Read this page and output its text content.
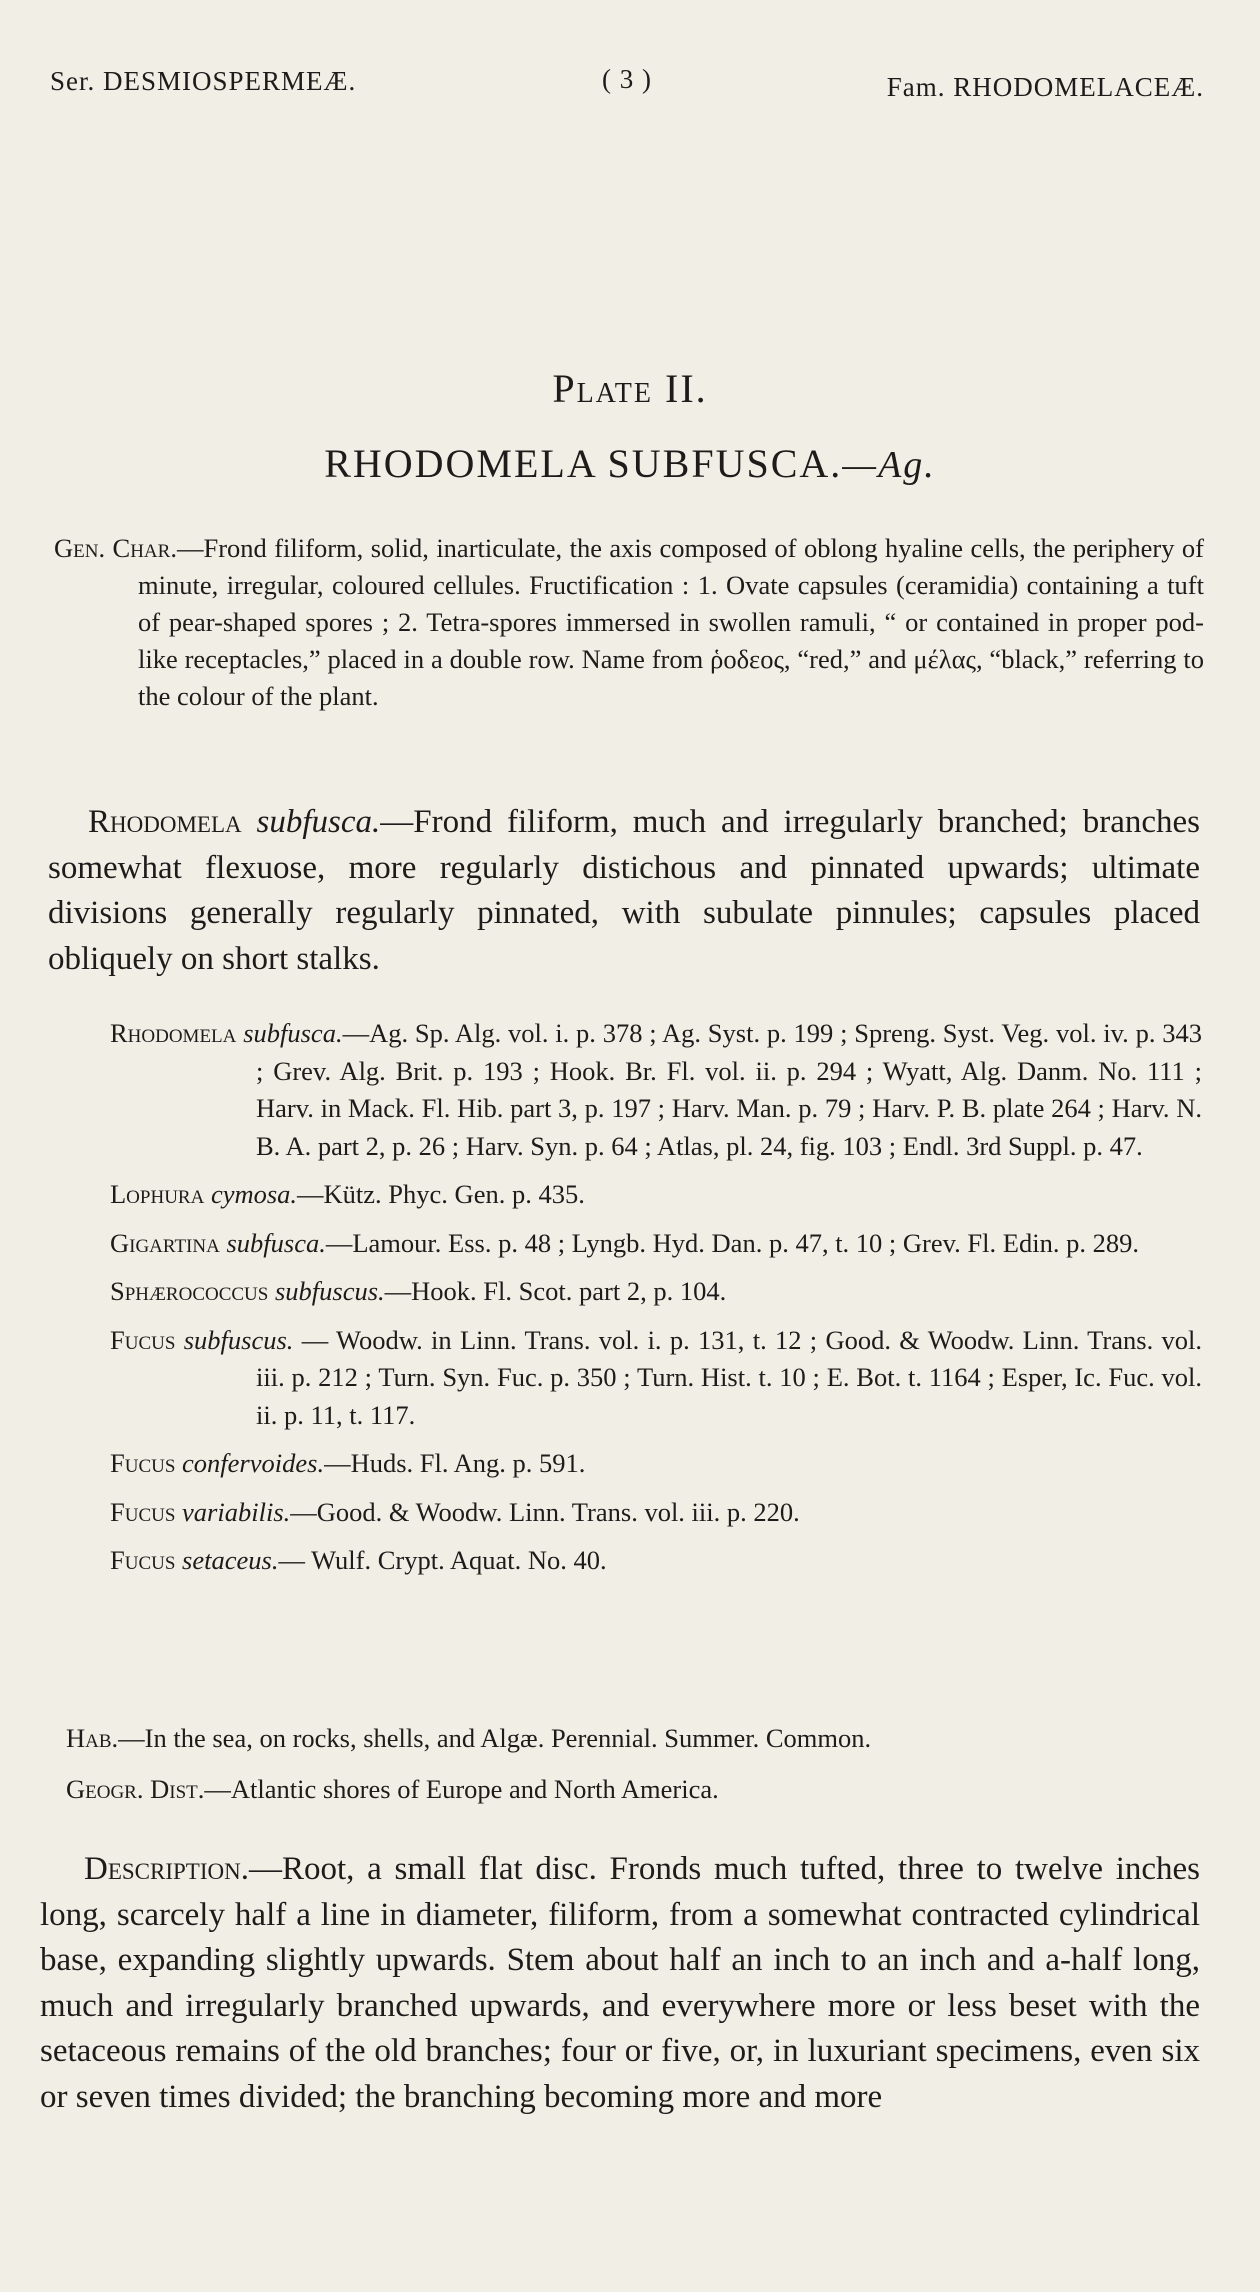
Ser. DESMIOSPERMEÆ.	( 3 )	Fam. RHODOMELACEÆ.
Plate II.
RHODOMELA SUBFUSCA.—Ag.
Gen. Char.—Frond filiform, solid, inarticulate, the axis composed of oblong hyaline cells, the periphery of minute, irregular, coloured cellules. Fructification : 1. Ovate capsules (ceramidia) containing a tuft of pear-shaped spores ; 2. Tetra-spores immersed in swollen ramuli, “ or contained in proper pod-like receptacles,” placed in a double row. Name from ῥοδεος, “red,” and μέλας, “black,” referring to the colour of the plant.
Rhodomela subfusca.—Frond filiform, much and irregularly branched; branches somewhat flexuose, more regularly distichous and pinnated upwards; ultimate divisions generally regularly pinnated, with subulate pinnules; capsules placed obliquely on short stalks.
Rhodomela subfusca.—Ag. Sp. Alg. vol. i. p. 378 ; Ag. Syst. p. 199 ; Spreng. Syst. Veg. vol. iv. p. 343 ; Grev. Alg. Brit. p. 193 ; Hook. Br. Fl. vol. ii. p. 294 ; Wyatt, Alg. Danm. No. 111 ; Harv. in Mack. Fl. Hib. part 3, p. 197 ; Harv. Man. p. 79 ; Harv. P. B. plate 264 ; Harv. N. B. A. part 2, p. 26 ; Harv. Syn. p. 64 ; Atlas, pl. 24, fig. 103 ; Endl. 3rd Suppl. p. 47.
Lophura cymosa.—Kütz. Phyc. Gen. p. 435.
Gigartina subfusca.—Lamour. Ess. p. 48 ; Lyngb. Hyd. Dan. p. 47, t. 10 ; Grev. Fl. Edin. p. 289.
Sphærococcus subfuscus.—Hook. Fl. Scot. part 2, p. 104.
Fucus subfuscus. — Woodw. in Linn. Trans. vol. i. p. 131, t. 12 ; Good. & Woodw. Linn. Trans. vol. iii. p. 212 ; Turn. Syn. Fuc. p. 350 ; Turn. Hist. t. 10 ; E. Bot. t. 1164 ; Esper, Ic. Fuc. vol. ii. p. 11, t. 117.
Fucus confervoides.—Huds. Fl. Ang. p. 591.
Fucus variabilis.—Good. & Woodw. Linn. Trans. vol. iii. p. 220.
Fucus setaceus.— Wulf. Crypt. Aquat. No. 40.
Hab.—In the sea, on rocks, shells, and Algæ. Perennial. Summer. Common.
Geogr. Dist.—Atlantic shores of Europe and North America.
Description.—Root, a small flat disc. Fronds much tufted, three to twelve inches long, scarcely half a line in diameter, filiform, from a somewhat contracted cylindrical base, expanding slightly upwards. Stem about half an inch to an inch and a-half long, much and irregularly branched upwards, and everywhere more or less beset with the setaceous remains of the old branches; four or five, or, in luxuriant specimens, even six or seven times divided; the branching becoming more and more
